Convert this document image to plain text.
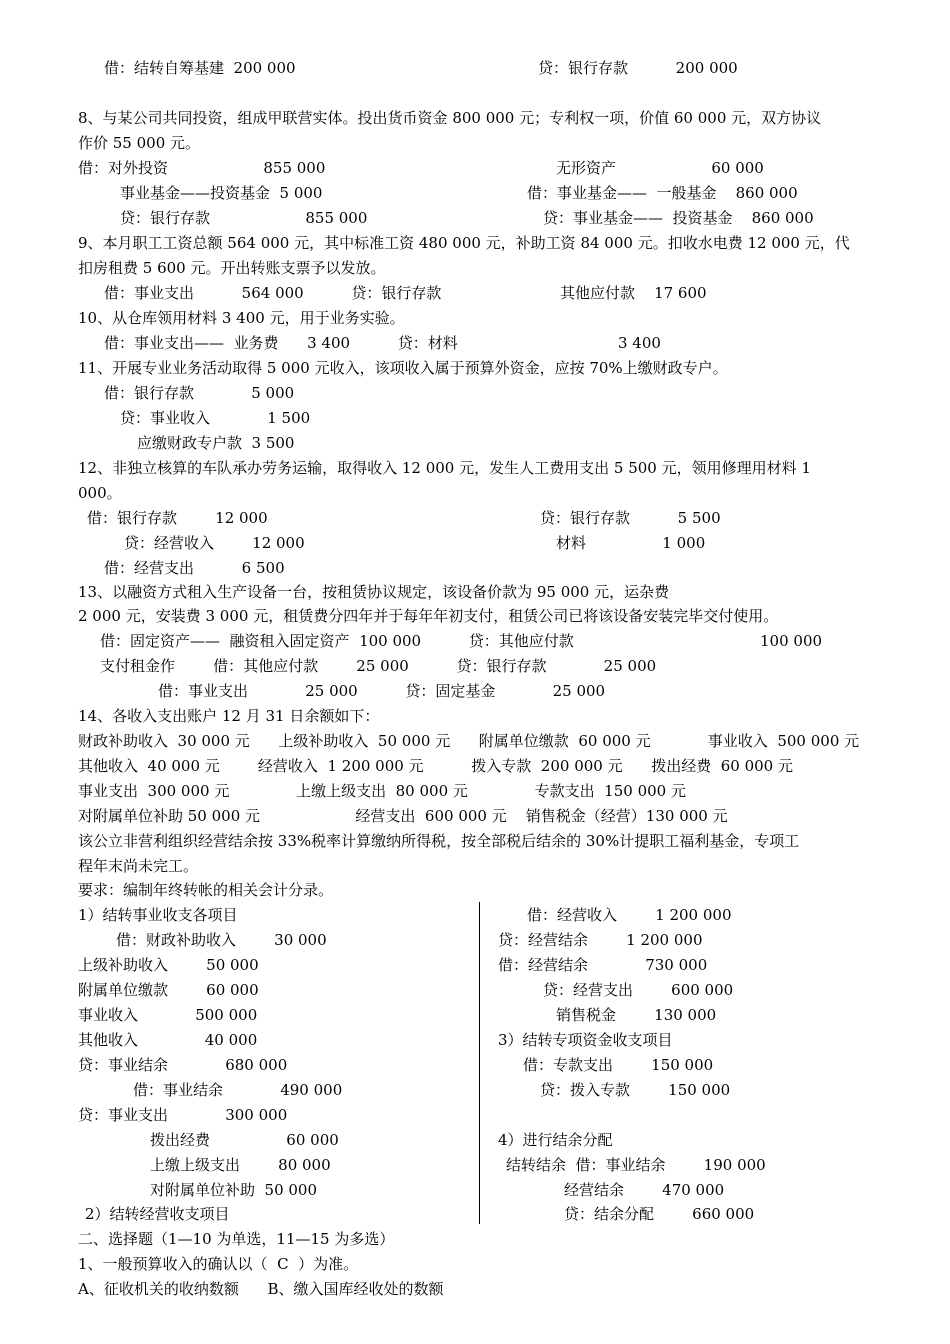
借：结转自筹基建  200 000	贷：银行存款          200 000
8、与某公司共同投资，组成甲联营实体。投出货币资金 800 000 元；专利权一项，价值 60 000 元，双方协议
作价 55 000 元。
借：对外投资                    855 000	无形资产                    60 000
事业基金——投资基金  5 000	借：事业基金——  一般基金    860 000
贷：银行存款                    855 000	贷：事业基金——  投资基金    860 000
9、本月职工工资总额 564 000 元，其中标准工资 480 000 元，补助工资 84 000 元。扣收水电费 12 000 元，代
扣房租费 5 600 元。开出转账支票予以发放。
借：事业支出          564 000          贷：银行存款	其他应付款    17 600
10、从仓库领用材料 3 400 元，用于业务实验。
借：事业支出——  业务费      3 400          贷：材料	3 400
11、开展专业业务活动取得 5 000 元收入，该项收入属于预算外资金，应按 70%上缴财政专户。
借：银行存款            5 000
贷：事业收入            1 500
应缴财政专户款  3 500
12、非独立核算的车队承办劳务运输，取得收入 12 000 元，发生人工费用支出 5 500 元，领用修理用材料 1
000。
借：银行存款        12 000	贷：银行存款          5 500
贷：经营收入        12 000	材料                1 000
借：经营支出          6 500
13、以融资方式租入生产设备一台，按租赁协议规定，该设备价款为 95 000 元，运杂费
2 000 元，安装费 3 000 元，租赁费分四年并于每年年初支付，租赁公司已将该设备安装完毕交付使用。
借：固定资产——  融资租入固定资产  100 000          贷：其他应付款	100 000
支付租金作        借：其他应付款        25 000          贷：银行存款            25 000
借：事业支出            25 000          贷：固定基金            25 000
14、各收入支出账户 12 月 31 日余额如下：
财政补助收入  30 000 元      上级补助收入  50 000 元      附属单位缴款  60 000 元            事业收入  500 000 元
其他收入  40 000 元        经营收入  1 200 000 元          拨入专款  200 000 元      拨出经费  60 000 元
事业支出  300 000 元              上缴上级支出  80 000 元              专款支出  150 000 元
对附属单位补助 50 000 元                    经营支出  600 000 元    销售税金（经营）130 000 元
该公立非营利组织经营结余按 33%税率计算缴纳所得税，按全部税后结余的 30%计提职工福利基金，专项工
程年末尚未完工。
要求：编制年终转帐的相关会计分录。
1）结转事业收支各项目	借：经营收入        1 200 000
借：财政补助收入        30 000	贷：经营结余        1 200 000
上级补助收入        50 000	借：经营结余            730 000
附属单位缴款        60 000	贷：经营支出        600 000
事业收入            500 000	销售税金        130 000
其他收入              40 000	3）结转专项资金收支项目
贷：事业结余            680 000	借：专款支出        150 000
借：事业结余            490 000	贷：拨入专款        150 000
贷：事业支出            300 000
拨出经费                60 000	4）进行结余分配
上缴上级支出        80 000	结转结余  借：事业结余        190 000
对附属单位补助  50 000	经营结余        470 000
2）结转经营收支项目	贷：结余分配        660 000
二、选择题（1—10 为单选，11—15 为多选）
1、一般预算收入的确认以（  C  ）为准。
A、征收机关的收纳数额      B、缴入国库经收处的数额
